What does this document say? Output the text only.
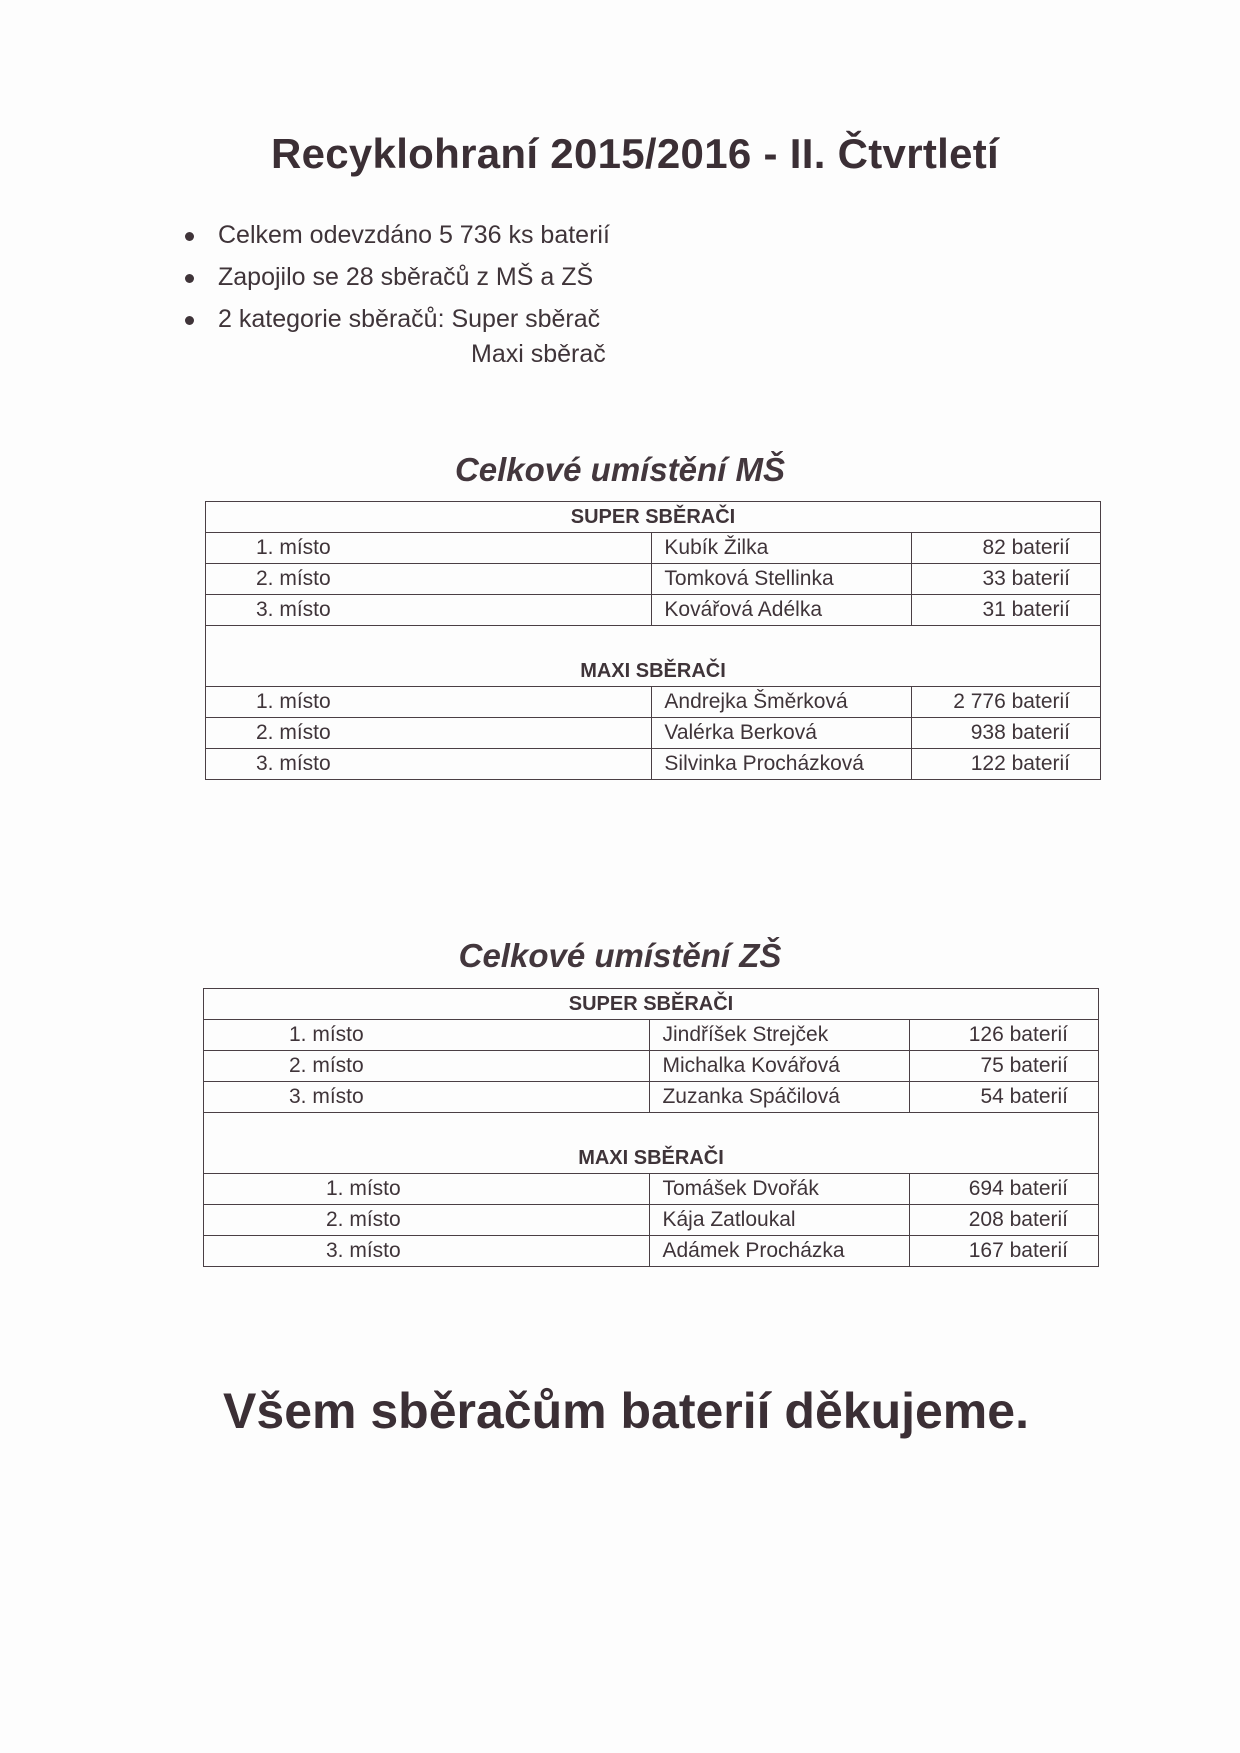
Recyklohraní 2015/2016 - II. Čtvrtletí
Celkem odevzdáno 5 736 ks baterií
Zapojilo se 28 sběračů z MŠ a ZŠ
2 kategorie sběračů: Super sběrač
Maxi sběrač
Celkové umístění MŠ
SUPER SBĚRAČI		
1. místo	Kubík Žilka	82 baterií
2. místo	Tomková Stellinka	33 baterií
3. místo	Kovářová Adélka	31 baterií
MAXI SBĚRAČI		
1. místo	Andrejka Šměrková	2 776 baterií
2. místo	Valérka Berková	938 baterií
3. místo	Silvinka Procházková	122 baterií
Celkové umístění ZŠ
SUPER SBĚRAČI		
1. místo	Jindříšek Strejček	126 baterií
2. místo	Michalka Kovářová	75 baterií
3. místo	Zuzanka Spáčilová	54 baterií
MAXI SBĚRAČI		
1. místo	Tomášek Dvořák	694 baterií
2. místo	Kája Zatloukal	208 baterií
3. místo	Adámek Procházka	167 baterií
Všem sběračům baterií děkujeme.
